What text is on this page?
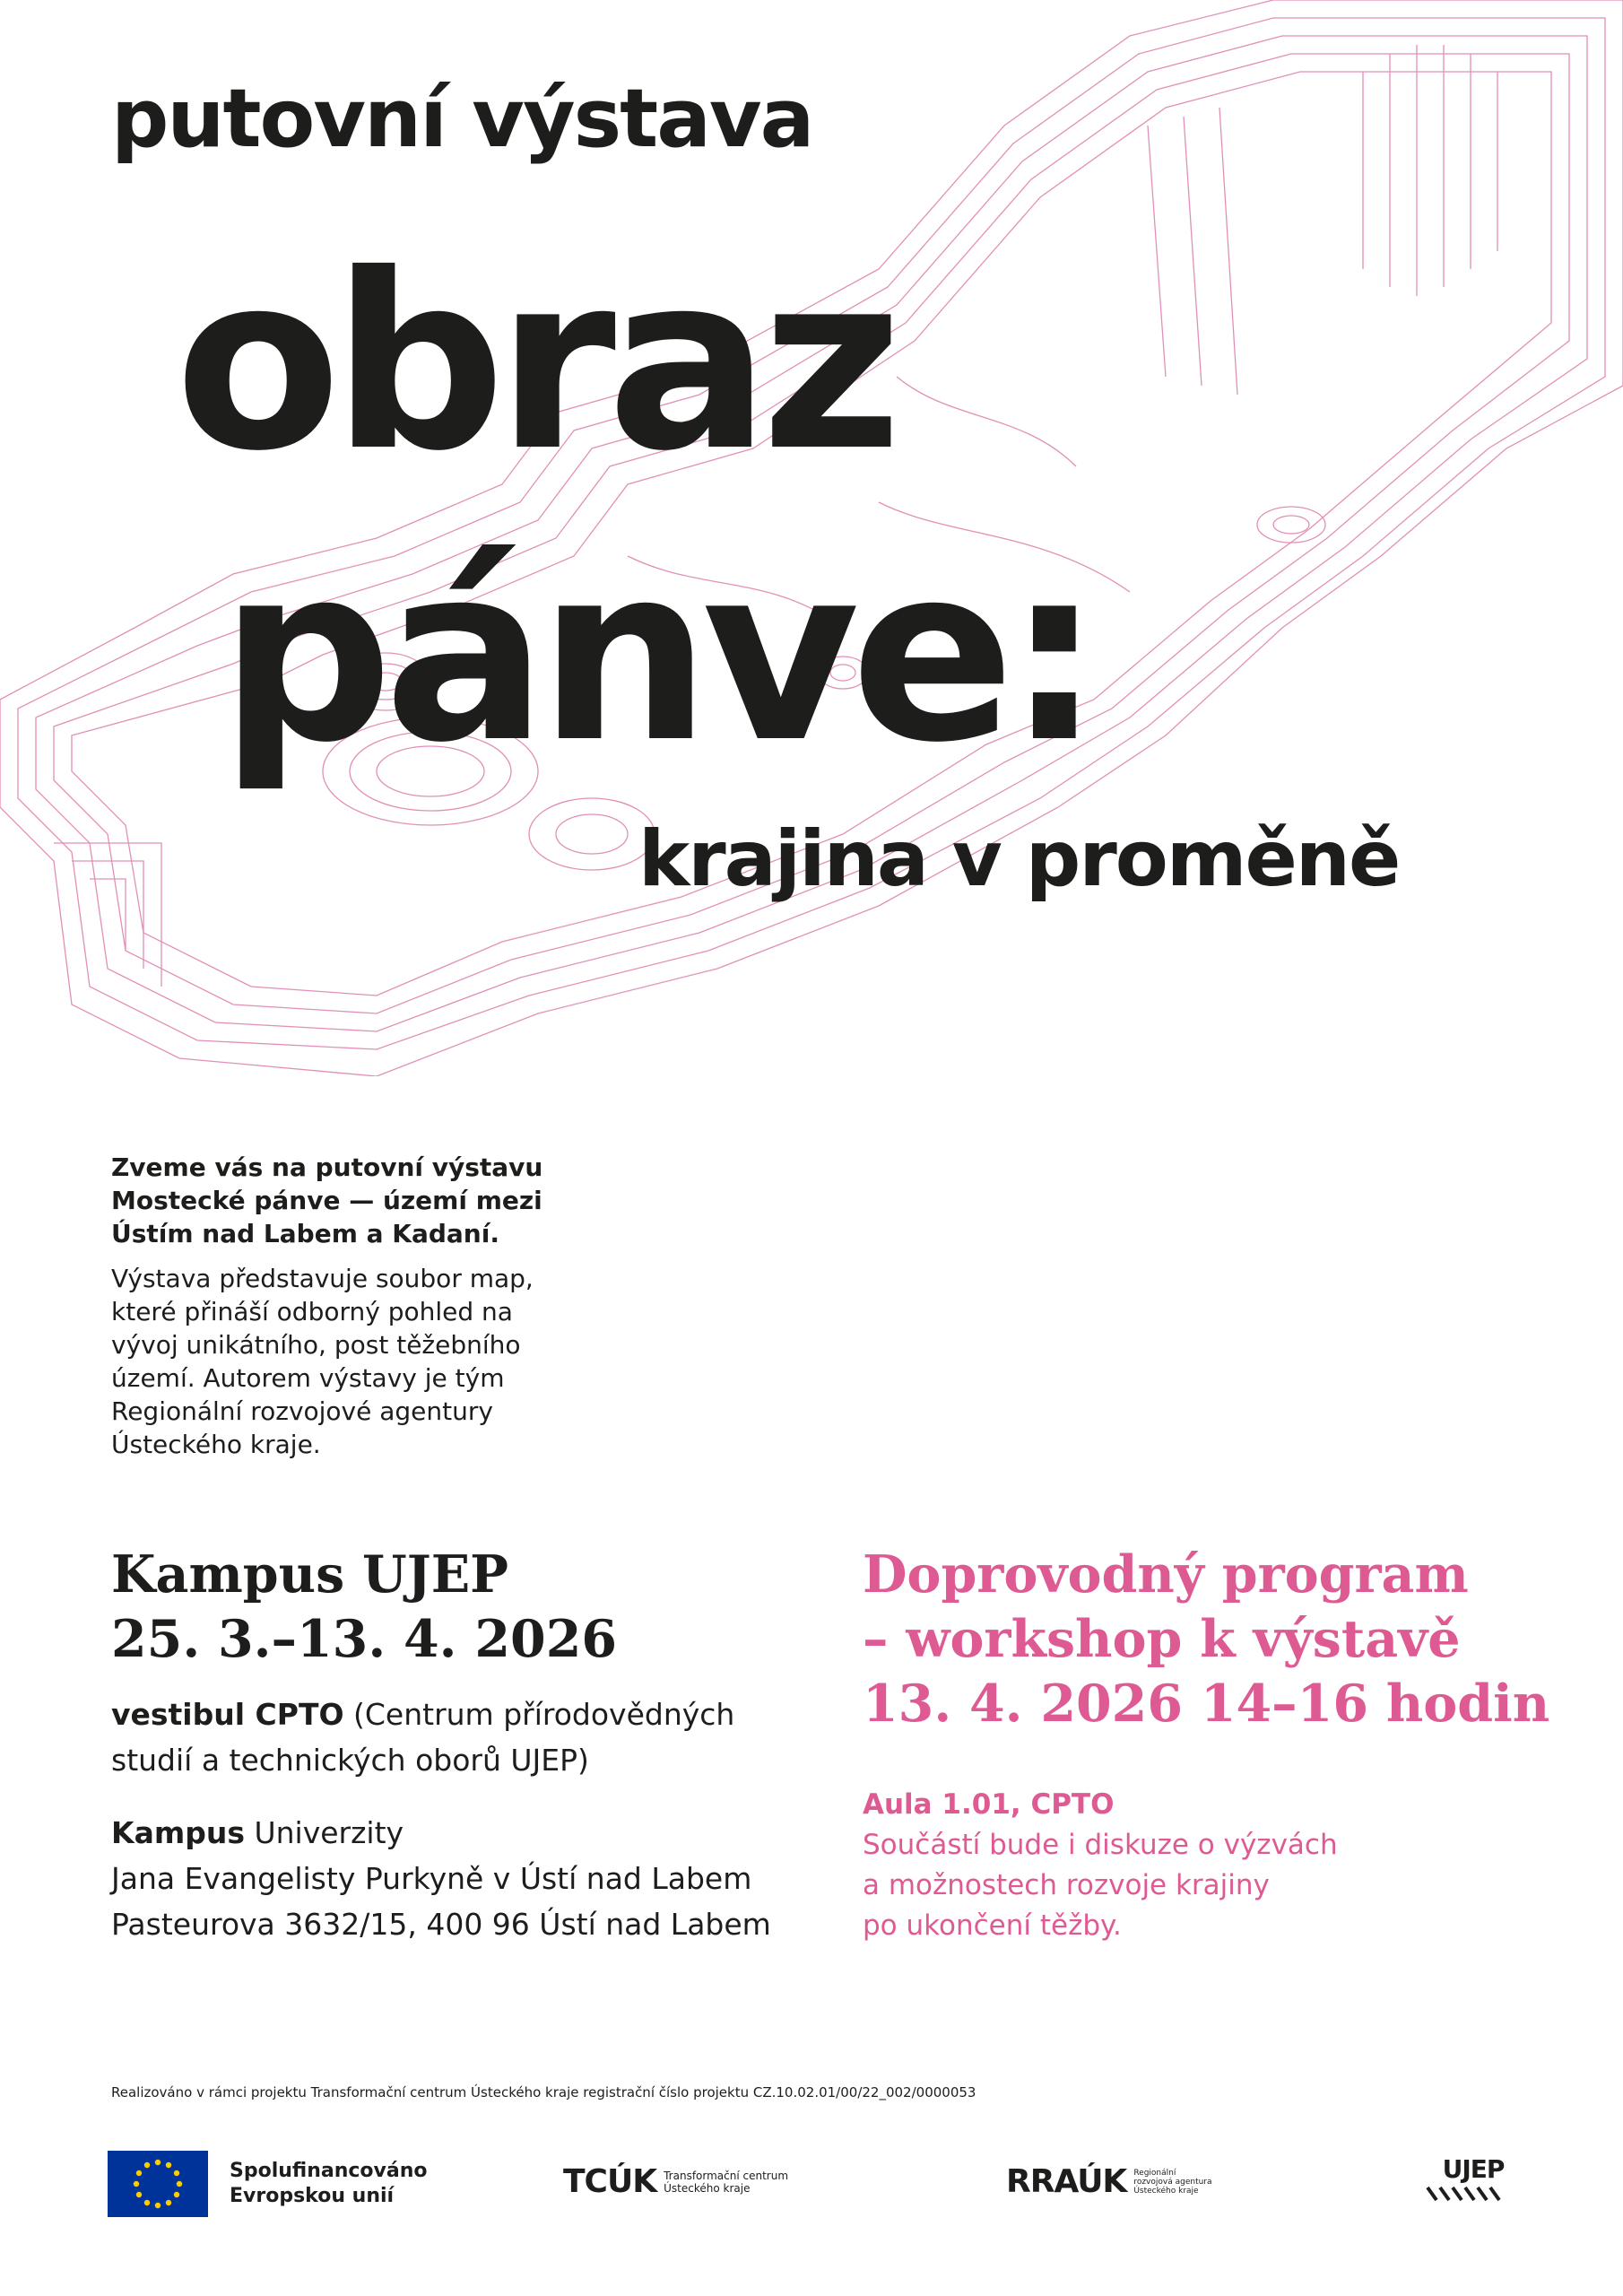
putovní výstava
obraz
pánve:
krajina v proměně

Zveme vás na putovní výstavu Mostecké pánve — území mezi Ústím nad Labem a Kadaní.

Výstava představuje soubor map, které přináší odborný pohled na vývoj unikátního, post těžebního území. Autorem výstavy je tým Regionální rozvojové agentury Ústeckého kraje.

Kampus UJEP
25. 3.–13. 4. 2026
vestibul CPTO (Centrum přírodovědných studií a technických oborů UJEP)
Kampus Univerzity
Jana Evangelisty Purkyně v Ústí nad Labem
Pasteurova 3632/15, 400 96 Ústí nad Labem
Doprovodný program
– workshop k výstavě
13. 4. 2026 14–16 hodin
Aula 1.01, CPTO
Součástí bude i diskuze o výzvách
a možnostech rozvoje krajiny
po ukončení těžby.
Realizováno v rámci projektu Transformační centrum Ústeckého kraje registrační číslo projektu CZ.10.02.01/00/22_002/0000053
Spolufinancováno
Evropskou unií	TCÚK Transformační centrum
Ústeckého kraje	RRAÚK Regionální
rozvojová agentura
Ústeckého kraje
UJEP
